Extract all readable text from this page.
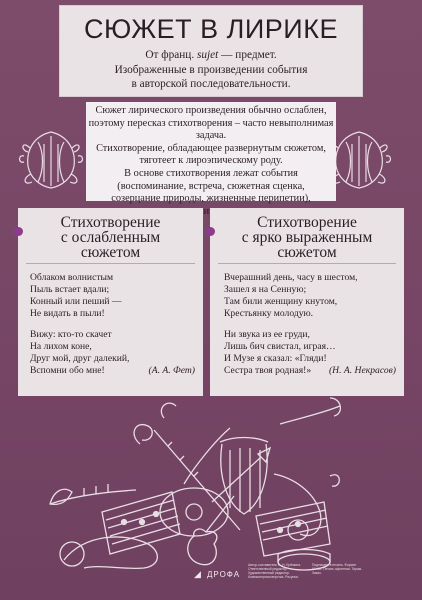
СЮЖЕТ В ЛИРИКЕ
От франц. sujet — предмет.
Изображенные в произведении события
в авторской последовательности.
Сюжет лирического произведения обычно ослаблен,
поэтому пересказ стихотворения – часто невыполнимая задача.
Стихотворение, обладающее развернутым сюжетом,
тяготеет к лироэпическому роду.
В основе стихотворения лежат события
(воспоминание, встреча, сюжетная сценка,
созерцание природы, жизненные перипетии),
Стихотворение
с ослабленным
сюжетом
Облаком волнистым
Пыль встает вдали;
Конный или пеший —
Не видать в пыли!
Вижу: кто-то скачет
На лихом коне,
Друг мой, друг далекий,
Вспомни обо мне!	(А. А. Фет)
Стихотворение
с ярко выраженным
сюжетом
Вчерашний день, часу в шестом,
Зашел я на Сенную;
Там били женщину кнутом,
Крестьянку молодую.
Ни звука из ее груди,
Лишь бич свистал, играя…
И Музе я сказал: «Гляди!
Сестра твоя родная!»	(Н. А. Некрасов)
◢ ДРОФА
Автор-составитель Н. Н. Ерёмина. Ответственный редактор. Художественный редактор. Компьютерная верстка. Рисунки.
Подписано в печать. Формат 60×90. Печать офсетная. Тираж. Заказ.
